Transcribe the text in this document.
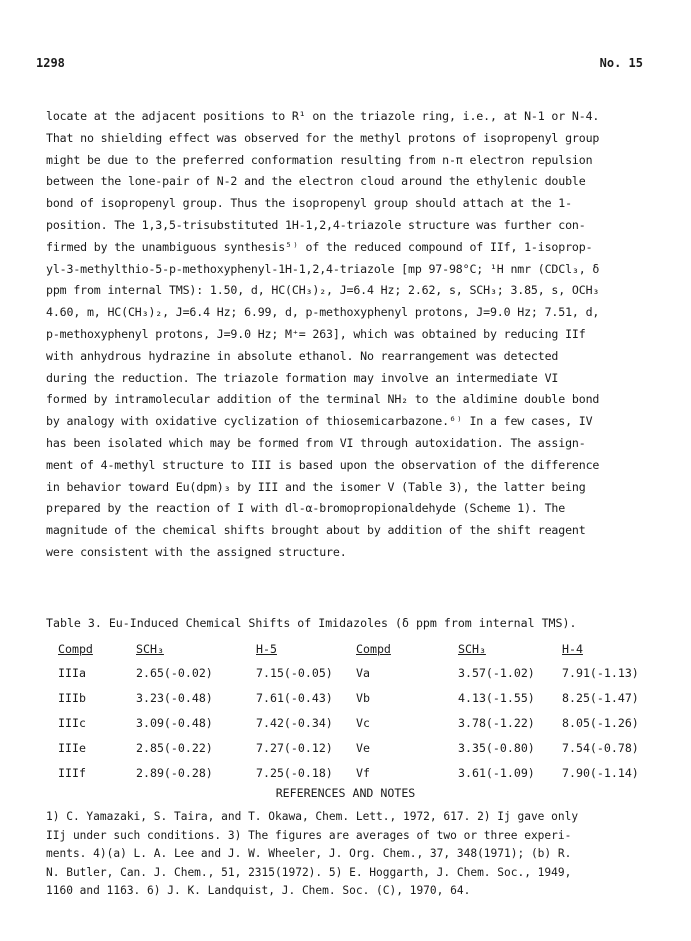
1298	No. 15
locate at the adjacent positions to R¹ on the triazole ring, i.e., at N-1 or N-4.
That no shielding effect was observed for the methyl protons of isopropenyl group
might be due to the preferred conformation resulting from n-π electron repulsion
between the lone-pair of N-2 and the electron cloud around the ethylenic double
bond of isopropenyl group. Thus the isopropenyl group should attach at the 1-
position. The 1,3,5-trisubstituted 1H-1,2,4-triazole structure was further con-
firmed by the unambiguous synthesis⁵⁾ of the reduced compound of IIf, 1-isoprop-
yl-3-methylthio-5-p-methoxyphenyl-1H-1,2,4-triazole [mp 97-98°C; ¹H nmr (CDCl₃, δ
ppm from internal TMS): 1.50, d, HC(CH₃)₂, J=6.4 Hz; 2.62, s, SCH₃; 3.85, s, OCH₃
4.60, m, HC(CH₃)₂, J=6.4 Hz; 6.99, d, p-methoxyphenyl protons, J=9.0 Hz; 7.51, d,
p-methoxyphenyl protons, J=9.0 Hz; M⁺= 263], which was obtained by reducing IIf
with anhydrous hydrazine in absolute ethanol. No rearrangement was detected
during the reduction. The triazole formation may involve an intermediate VI
formed by intramolecular addition of the terminal NH₂ to the aldimine double bond
by analogy with oxidative cyclization of thiosemicarbazone.⁶⁾ In a few cases, IV
has been isolated which may be formed from VI through autoxidation. The assign-
ment of 4-methyl structure to III is based upon the observation of the difference
in behavior toward Eu(dpm)₃ by III and the isomer V (Table 3), the latter being
prepared by the reaction of I with dl-α-bromopropionaldehyde (Scheme 1). The
magnitude of the chemical shifts brought about by addition of the shift reagent
were consistent with the assigned structure.
Table 3. Eu-Induced Chemical Shifts of Imidazoles (δ ppm from internal TMS).
Compd	SCH₃	H-5	Compd	SCH₃	H-4
IIIa	2.65(-0.02)	7.15(-0.05)	Va	3.57(-1.02)	7.91(-1.13)
IIIb	3.23(-0.48)	7.61(-0.43)	Vb	4.13(-1.55)	8.25(-1.47)
IIIc	3.09(-0.48)	7.42(-0.34)	Vc	3.78(-1.22)	8.05(-1.26)
IIIe	2.85(-0.22)	7.27(-0.12)	Ve	3.35(-0.80)	7.54(-0.78)
IIIf	2.89(-0.28)	7.25(-0.18)	Vf	3.61(-1.09)	7.90(-1.14)
REFERENCES AND NOTES
1) C. Yamazaki, S. Taira, and T. Okawa, Chem. Lett., 1972, 617. 2) Ij gave only
IIj under such conditions. 3) The figures are averages of two or three experi-
ments. 4)(a) L. A. Lee and J. W. Wheeler, J. Org. Chem., 37, 348(1971); (b) R.
N. Butler, Can. J. Chem., 51, 2315(1972). 5) E. Hoggarth, J. Chem. Soc., 1949,
1160 and 1163. 6) J. K. Landquist, J. Chem. Soc. (C), 1970, 64.
